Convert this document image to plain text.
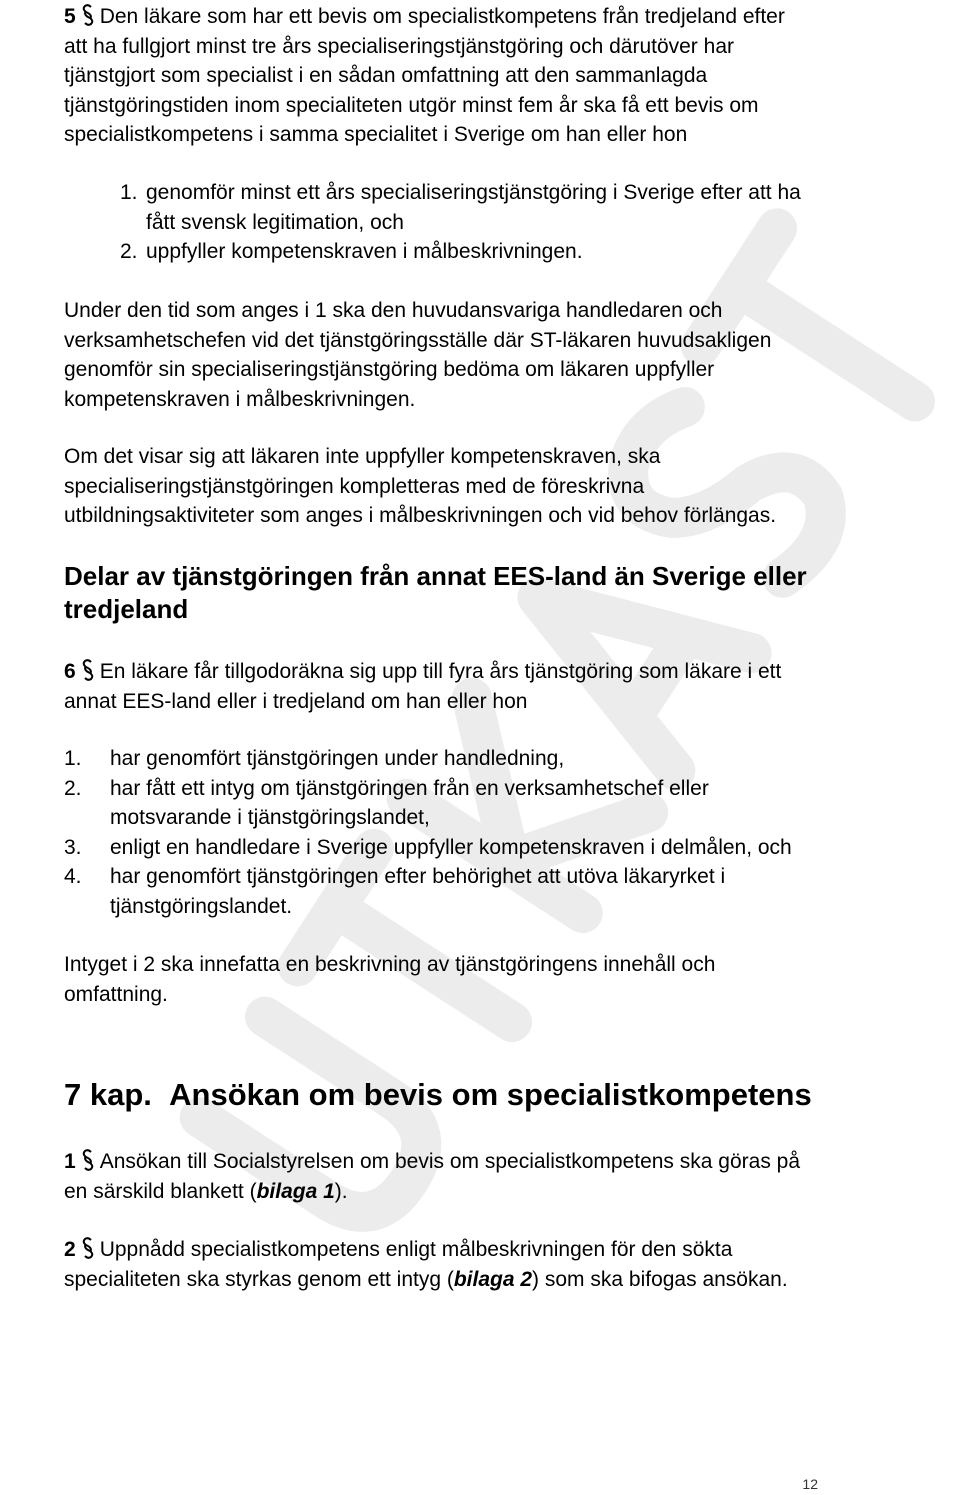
5 Den läkare som har ett bevis om specialistkompetens från tredjeland efter
att ha fullgjort minst tre års specialiseringstjänstgöring och därutöver har
tjänstgjort som specialist i en sådan omfattning att den sammanlagda
tjänstgöringstiden inom specialiteten utgör minst fem år ska få ett bevis om
specialistkompetens i samma specialitet i Sverige om han eller hon
1. genomför minst ett års specialiseringstjänstgöring i Sverige efter att ha
fått svensk legitimation, och
2. uppfyller kompetenskraven i målbeskrivningen.
Under den tid som anges i 1 ska den huvudansvariga handledaren och
verksamhetschefen vid det tjänstgöringsställe där ST-läkaren huvudsakligen
genomför sin specialiseringstjänstgöring bedöma om läkaren uppfyller
kompetenskraven i målbeskrivningen.
Om det visar sig att läkaren inte uppfyller kompetenskraven, ska
specialiseringstjänstgöringen kompletteras med de föreskrivna
utbildningsaktiviteter som anges i målbeskrivningen och vid behov förlängas.
Delar av tjänstgöringen från annat EES-land än Sverige eller
tredjeland
6 En läkare får tillgodoräkna sig upp till fyra års tjänstgöring som läkare i ett
annat EES-land eller i tredjeland om han eller hon
1.	har genomfört tjänstgöringen under handledning,
2.	har fått ett intyg om tjänstgöringen från en verksamhetschef eller
motsvarande i tjänstgöringslandet,
3.	enligt en handledare i Sverige uppfyller kompetenskraven i delmålen, och
4.	har genomfört tjänstgöringen efter behörighet att utöva läkaryrket i
tjänstgöringslandet.
Intyget i 2 ska innefatta en beskrivning av tjänstgöringens innehåll och
omfattning.
7 kap. Ansökan om bevis om specialistkompetens
1 Ansökan till Socialstyrelsen om bevis om specialistkompetens ska göras på
en särskild blankett (bilaga 1).
2 Uppnådd specialistkompetens enligt målbeskrivningen för den sökta
specialiteten ska styrkas genom ett intyg (bilaga 2) som ska bifogas ansökan.
12
